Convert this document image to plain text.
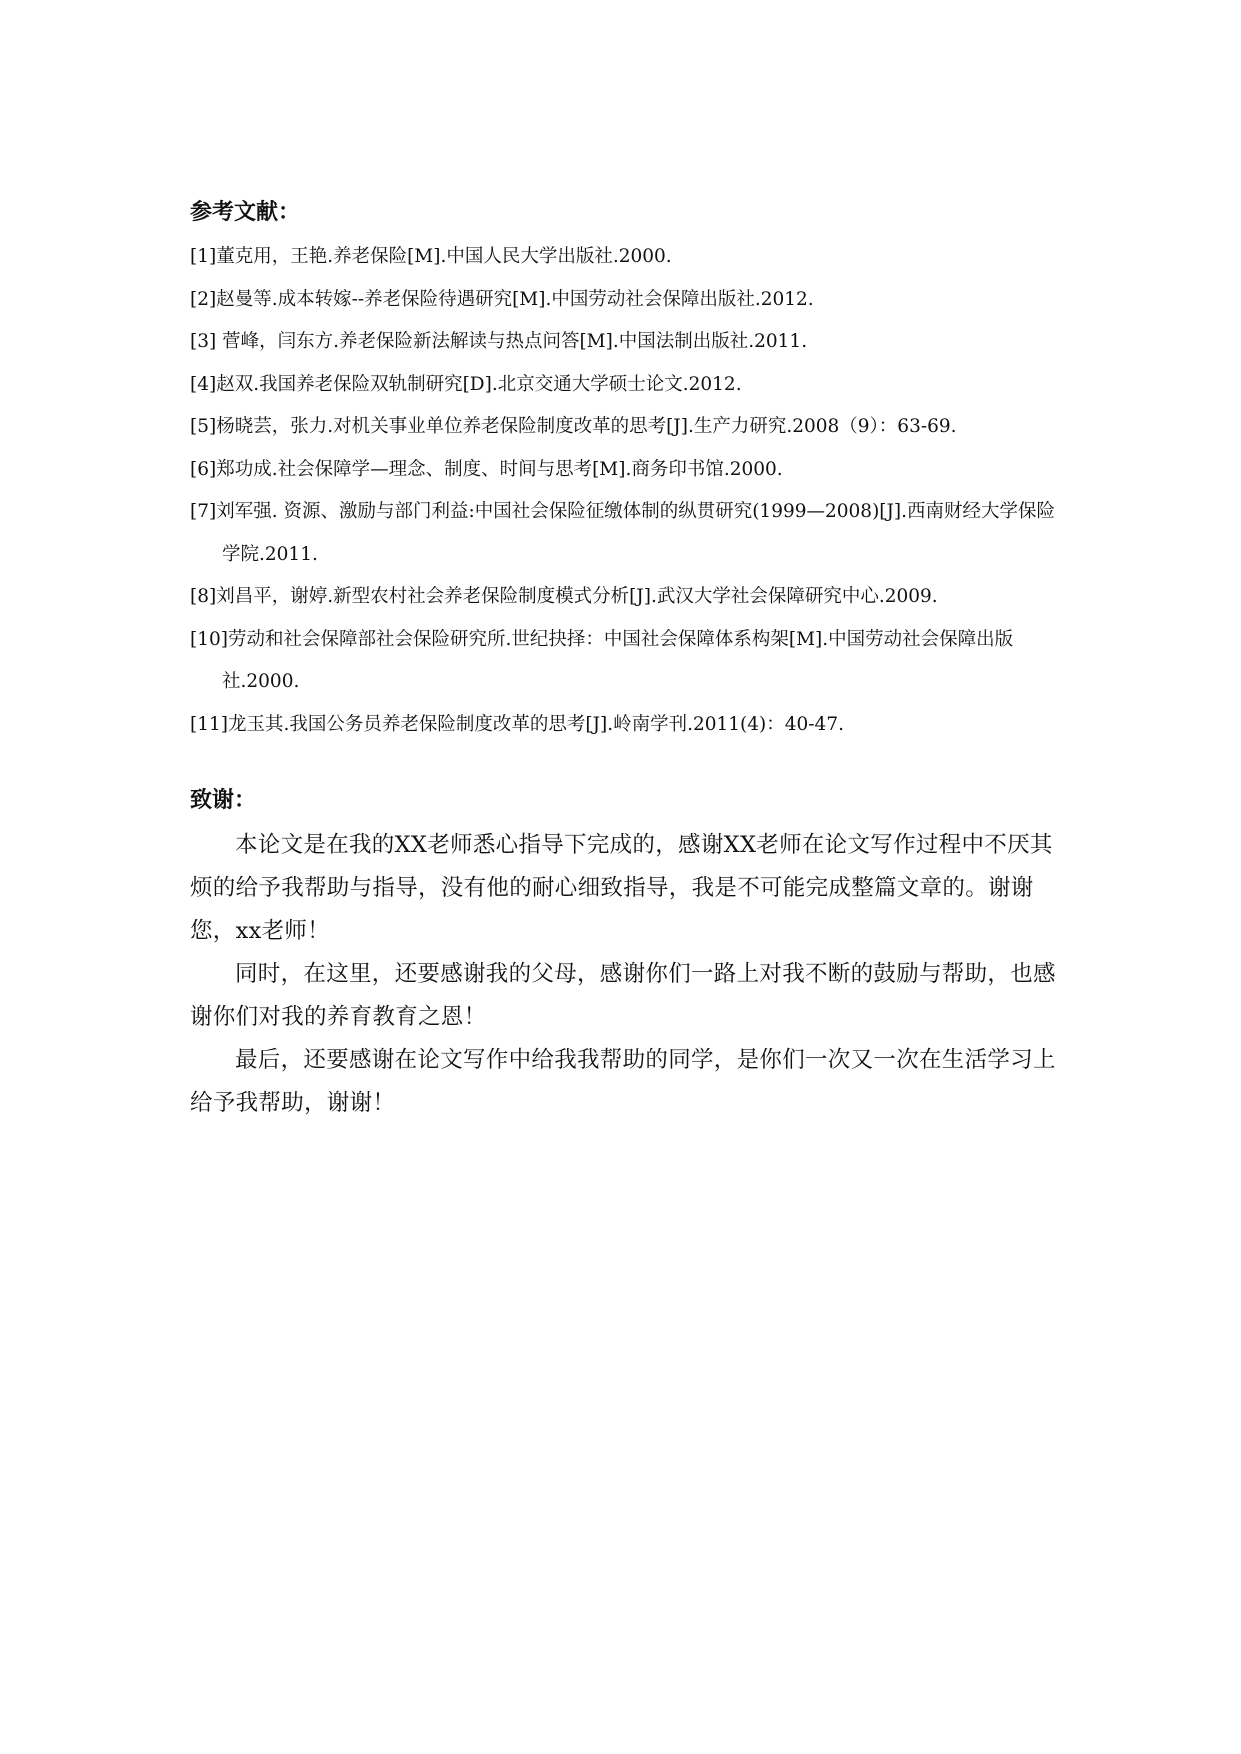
参考文献：
[1]董克用，王艳.养老保险[M].中国人民大学出版社.2000.
[2]赵曼等.成本转嫁--养老保险待遇研究[M].中国劳动社会保障出版社.2012.
[3] 菅峰，闫东方.养老保险新法解读与热点问答[M].中国法制出版社.2011.
[4]赵双.我国养老保险双轨制研究[D].北京交通大学硕士论文.2012.
[5]杨晓芸，张力.对机关事业单位养老保险制度改革的思考[J].生产力研究.2008（9）：63-69.
[6]郑功成.社会保障学—理念、制度、时间与思考[M].商务印书馆.2000.
[7]刘军强. 资源、激励与部门利益:中国社会保险征缴体制的纵贯研究(1999—2008)[J].西南财经大学保险学院.2011.
[8]刘昌平，谢婷.新型农村社会养老保险制度模式分析[J].武汉大学社会保障研究中心.2009.
[10]劳动和社会保障部社会保险研究所.世纪抉择：中国社会保障体系构架[M].中国劳动社会保障出版社.2000.
[11]龙玉其.我国公务员养老保险制度改革的思考[J].岭南学刊.2011(4)：40-47.
致谢：

本论文是在我的XX老师悉心指导下完成的，感谢XX老师在论文写作过程中不厌其烦的给予我帮助与指导，没有他的耐心细致指导，我是不可能完成整篇文章的。谢谢您，xx老师！

同时，在这里，还要感谢我的父母，感谢你们一路上对我不断的鼓励与帮助，也感谢你们对我的养育教育之恩！

最后，还要感谢在论文写作中给我我帮助的同学，是你们一次又一次在生活学习上给予我帮助，谢谢！
